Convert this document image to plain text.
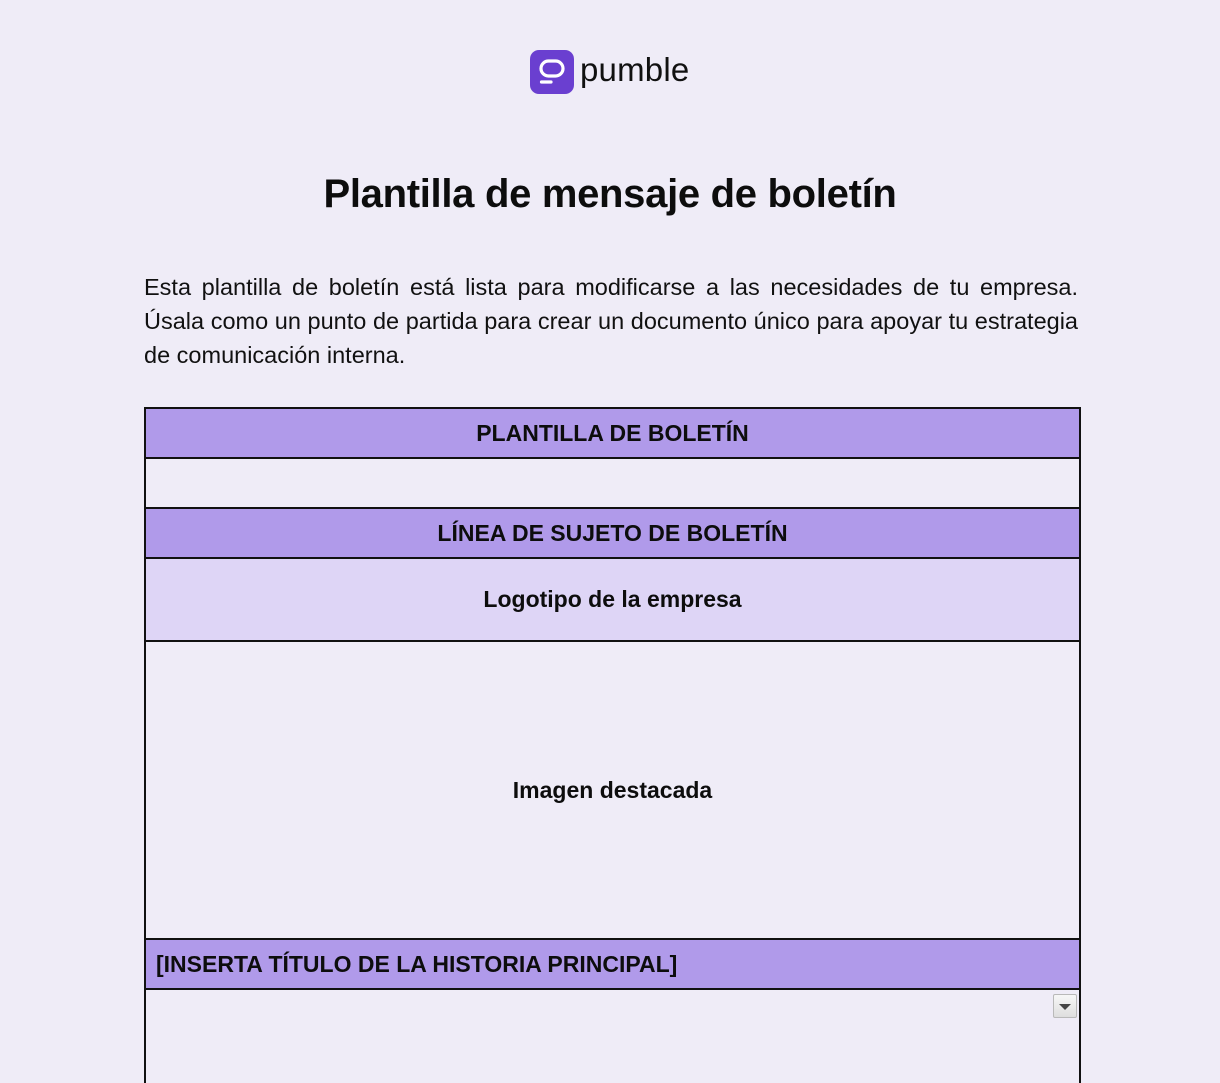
pumble
Plantilla de mensaje de boletín

Esta plantilla de boletín está lista para modificarse a las necesidades de tu empresa. Úsala como un punto de partida para crear un documento único para apoyar tu estrategia de comunicación interna.

PLANTILLA DE BOLETÍN

LÍNEA DE SUJETO DE BOLETÍN
Logotipo de la empresa
Imagen destacada
[INSERTA TÍTULO DE LA HISTORIA PRINCIPAL]
